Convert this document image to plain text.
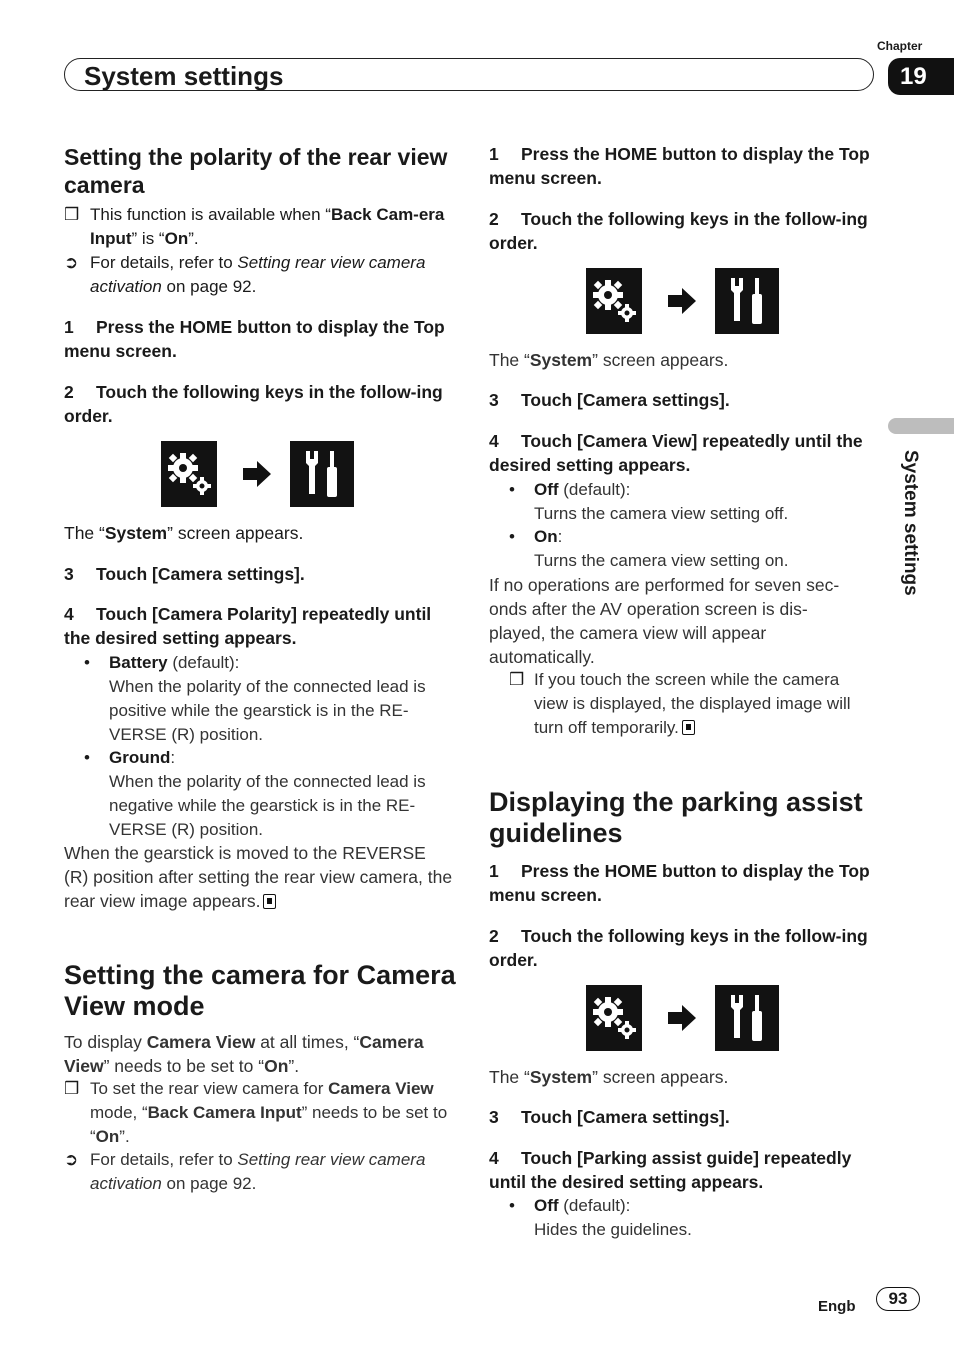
System settings
Chapter
19
System settings
Setting the polarity of the rear view camera
❒ This function is available when “Back Cam-era Input” is “On”.
➲ For details, refer to Setting rear view camera activation on page 92.
1 Press the HOME button to display the Top menu screen.
2 Touch the following keys in the follow-ing order.
The “System” screen appears.
3 Touch [Camera settings].
4 Touch [Camera Polarity] repeatedly until the desired setting appears.
• Battery (default):
When the polarity of the connected lead is positive while the gearstick is in the RE-VERSE (R) position.
• Ground:
When the polarity of the connected lead is negative while the gearstick is in the RE-VERSE (R) position.
When the gearstick is moved to the REVERSE (R) position after setting the rear view camera, the rear view image appears.
Setting the camera for Camera View mode
To display Camera View at all times, “Camera View” needs to be set to “On”.
❒ To set the rear view camera for Camera View mode, “Back Camera Input” needs to be set to “On”.
➲ For details, refer to Setting rear view camera activation on page 92.
1 Press the HOME button to display the Top menu screen.
2 Touch the following keys in the follow-ing order.
The “System” screen appears.
3 Touch [Camera settings].
4 Touch [Camera View] repeatedly until the desired setting appears.
• Off (default):
Turns the camera view setting off.
• On:
Turns the camera view setting on.
If no operations are performed for seven sec-onds after the AV operation screen is dis-played, the camera view will appear automatically.
❒ If you touch the screen while the camera view is displayed, the displayed image will turn off temporarily.
Displaying the parking assist guidelines
1 Press the HOME button to display the Top menu screen.
2 Touch the following keys in the follow-ing order.
The “System” screen appears.
3 Touch [Camera settings].
4 Touch [Parking assist guide] repeatedly until the desired setting appears.
• Off (default):
Hides the guidelines.
Engb	93
